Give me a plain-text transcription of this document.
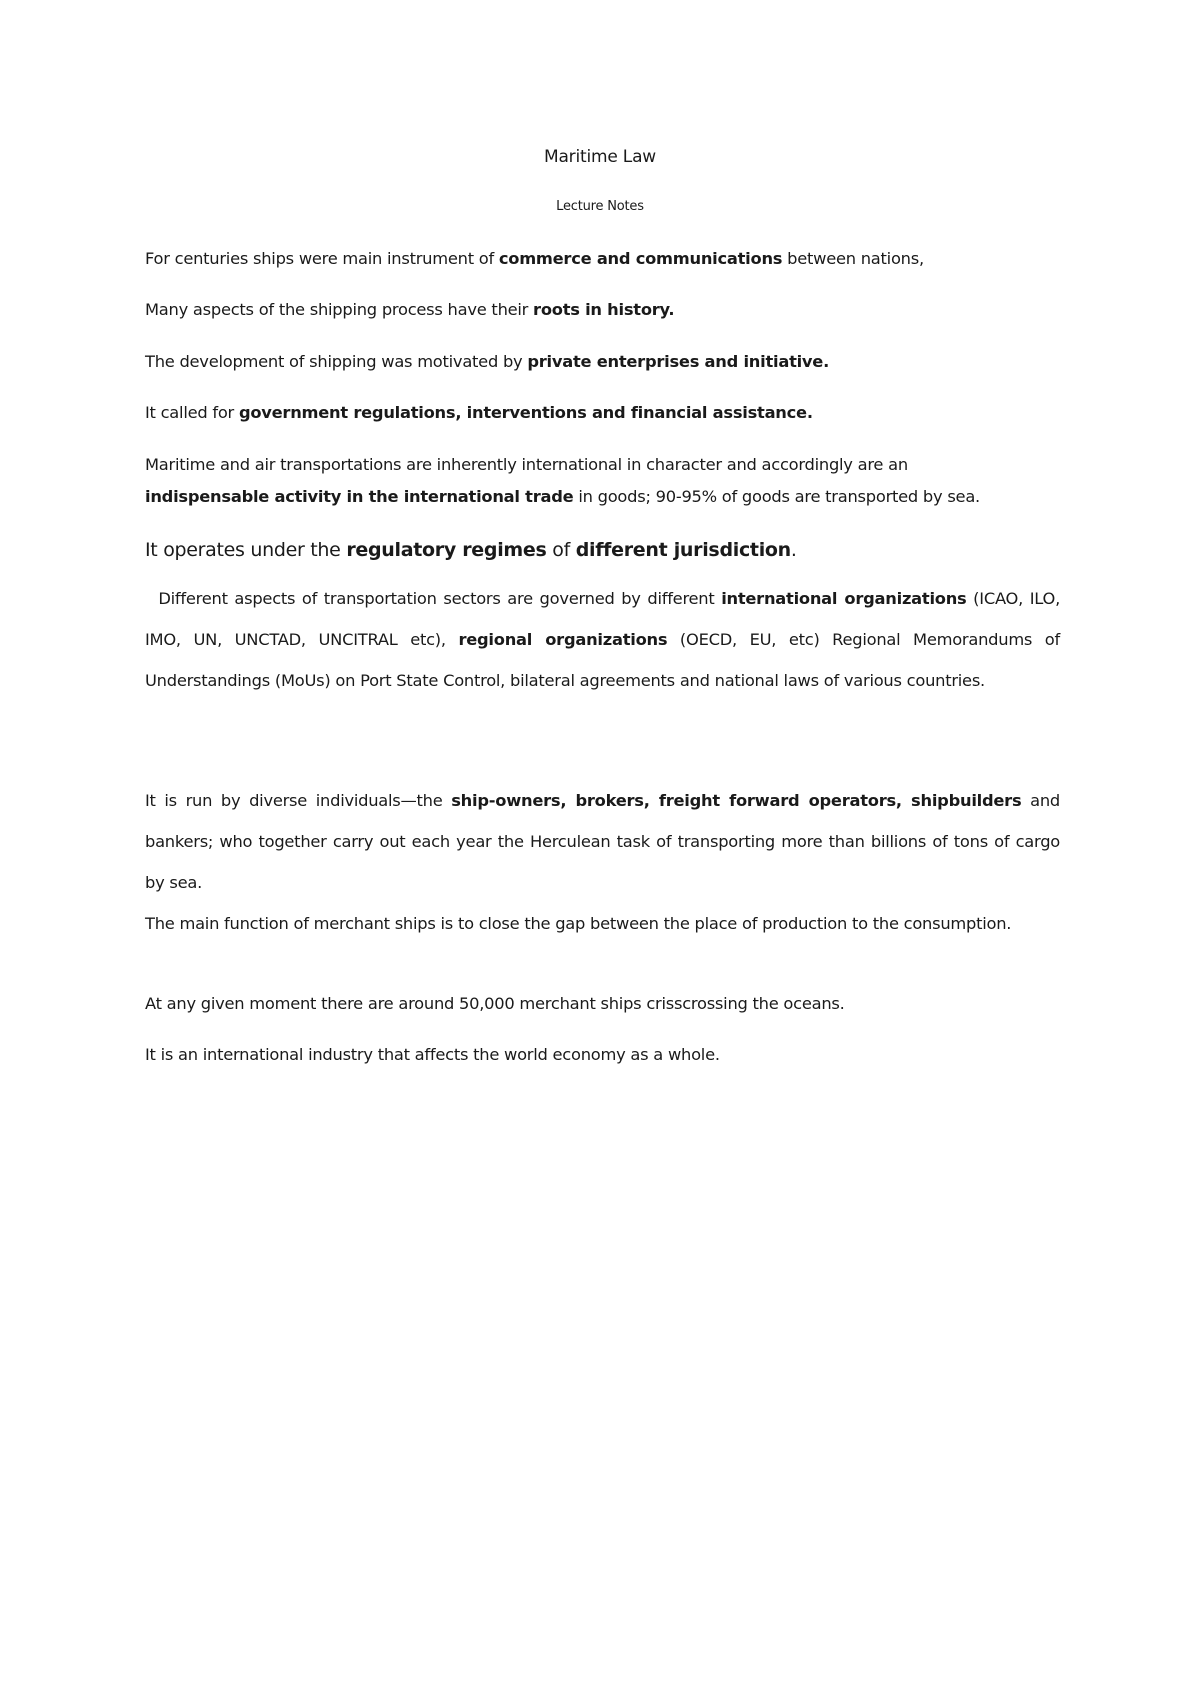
Maritime Law
Lecture Notes
For centuries ships were main instrument of commerce and communications between nations,
Many aspects of the shipping process have their roots in history.
The development of shipping was motivated by private enterprises and initiative.
It called for government regulations, interventions and financial assistance.
Maritime and air transportations are inherently international in character and accordingly are an
indispensable activity in the international trade in goods; 90-95% of goods are transported by sea.
It operates under the regulatory regimes of different jurisdiction.
Different aspects of transportation sectors are governed by different international organizations (ICAO, ILO, IMO, UN, UNCTAD, UNCITRAL etc), regional organizations (OECD, EU, etc) Regional Memorandums of Understandings (MoUs) on Port State Control, bilateral agreements and national laws of various countries.
It is run by diverse individuals—the ship-owners, brokers, freight forward operators, shipbuilders and bankers; who together carry out each year the Herculean task of transporting more than billions of tons of cargo by sea.
The main function of merchant ships is to close the gap between the place of production to the consumption.
At any given moment there are around 50,000 merchant ships crisscrossing the oceans.
It is an international industry that affects the world economy as a whole.
